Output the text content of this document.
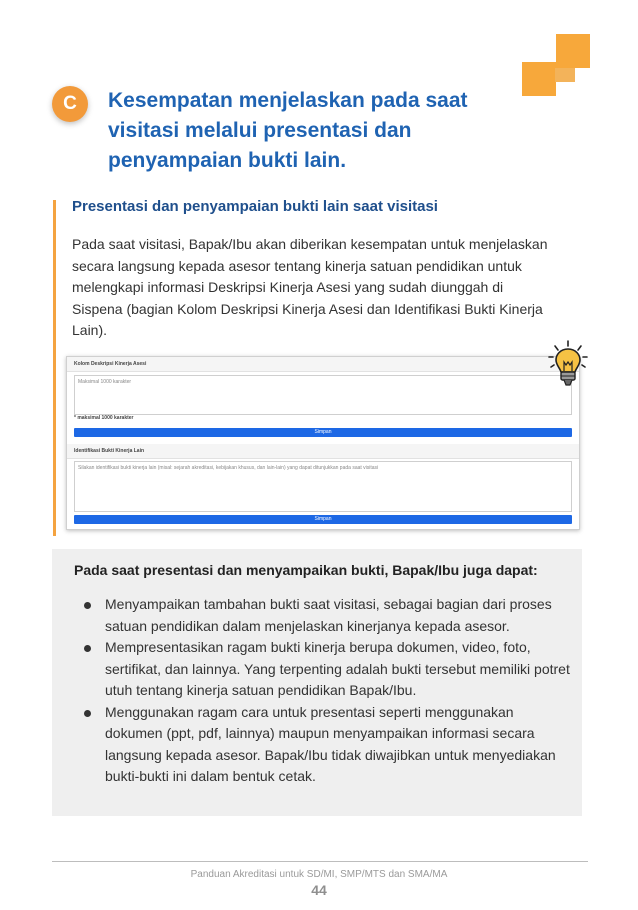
C	Kesempatan menjelaskan pada saat visitasi melalui presentasi dan penyampaian bukti lain.
Presentasi dan penyampaian bukti lain saat visitasi

Pada saat visitasi, Bapak/Ibu akan diberikan kesempatan untuk menjelaskan secara langsung kepada asesor tentang kinerja satuan pendidikan untuk melengkapi informasi Deskripsi Kinerja Asesi yang sudah diunggah di Sispena (bagian Kolom Deskripsi Kinerja Asesi dan Identifikasi Bukti Kinerja Lain).

Kolom Deskripsi Kinerja Asesi
Maksimal 1000 karakter
* maksimal 1000 karakter
Simpan
Identifikasi Bukti Kinerja Lain
Silakan identifikasi bukti kinerja lain (misal: sejarah akreditasi, kebijakan khusus, dan lain-lain) yang dapat ditunjukkan pada saat visitasi
Simpan
Pada saat presentasi dan menyampaikan bukti, Bapak/Ibu juga dapat:
Menyampaikan tambahan bukti saat visitasi, sebagai bagian dari proses satuan pendidikan dalam menjelaskan kinerjanya kepada asesor.
Mempresentasikan ragam bukti kinerja berupa dokumen, video, foto, sertifikat, dan lainnya. Yang terpenting adalah bukti tersebut memiliki potret utuh tentang kinerja satuan pendidikan Bapak/Ibu.
Menggunakan ragam cara untuk presentasi seperti menggunakan dokumen (ppt, pdf, lainnya) maupun menyampaikan informasi secara langsung kepada asesor. Bapak/Ibu tidak diwajibkan untuk menyediakan bukti-bukti ini dalam bentuk cetak.
Panduan Akreditasi untuk SD/MI, SMP/MTS dan SMA/MA
44
